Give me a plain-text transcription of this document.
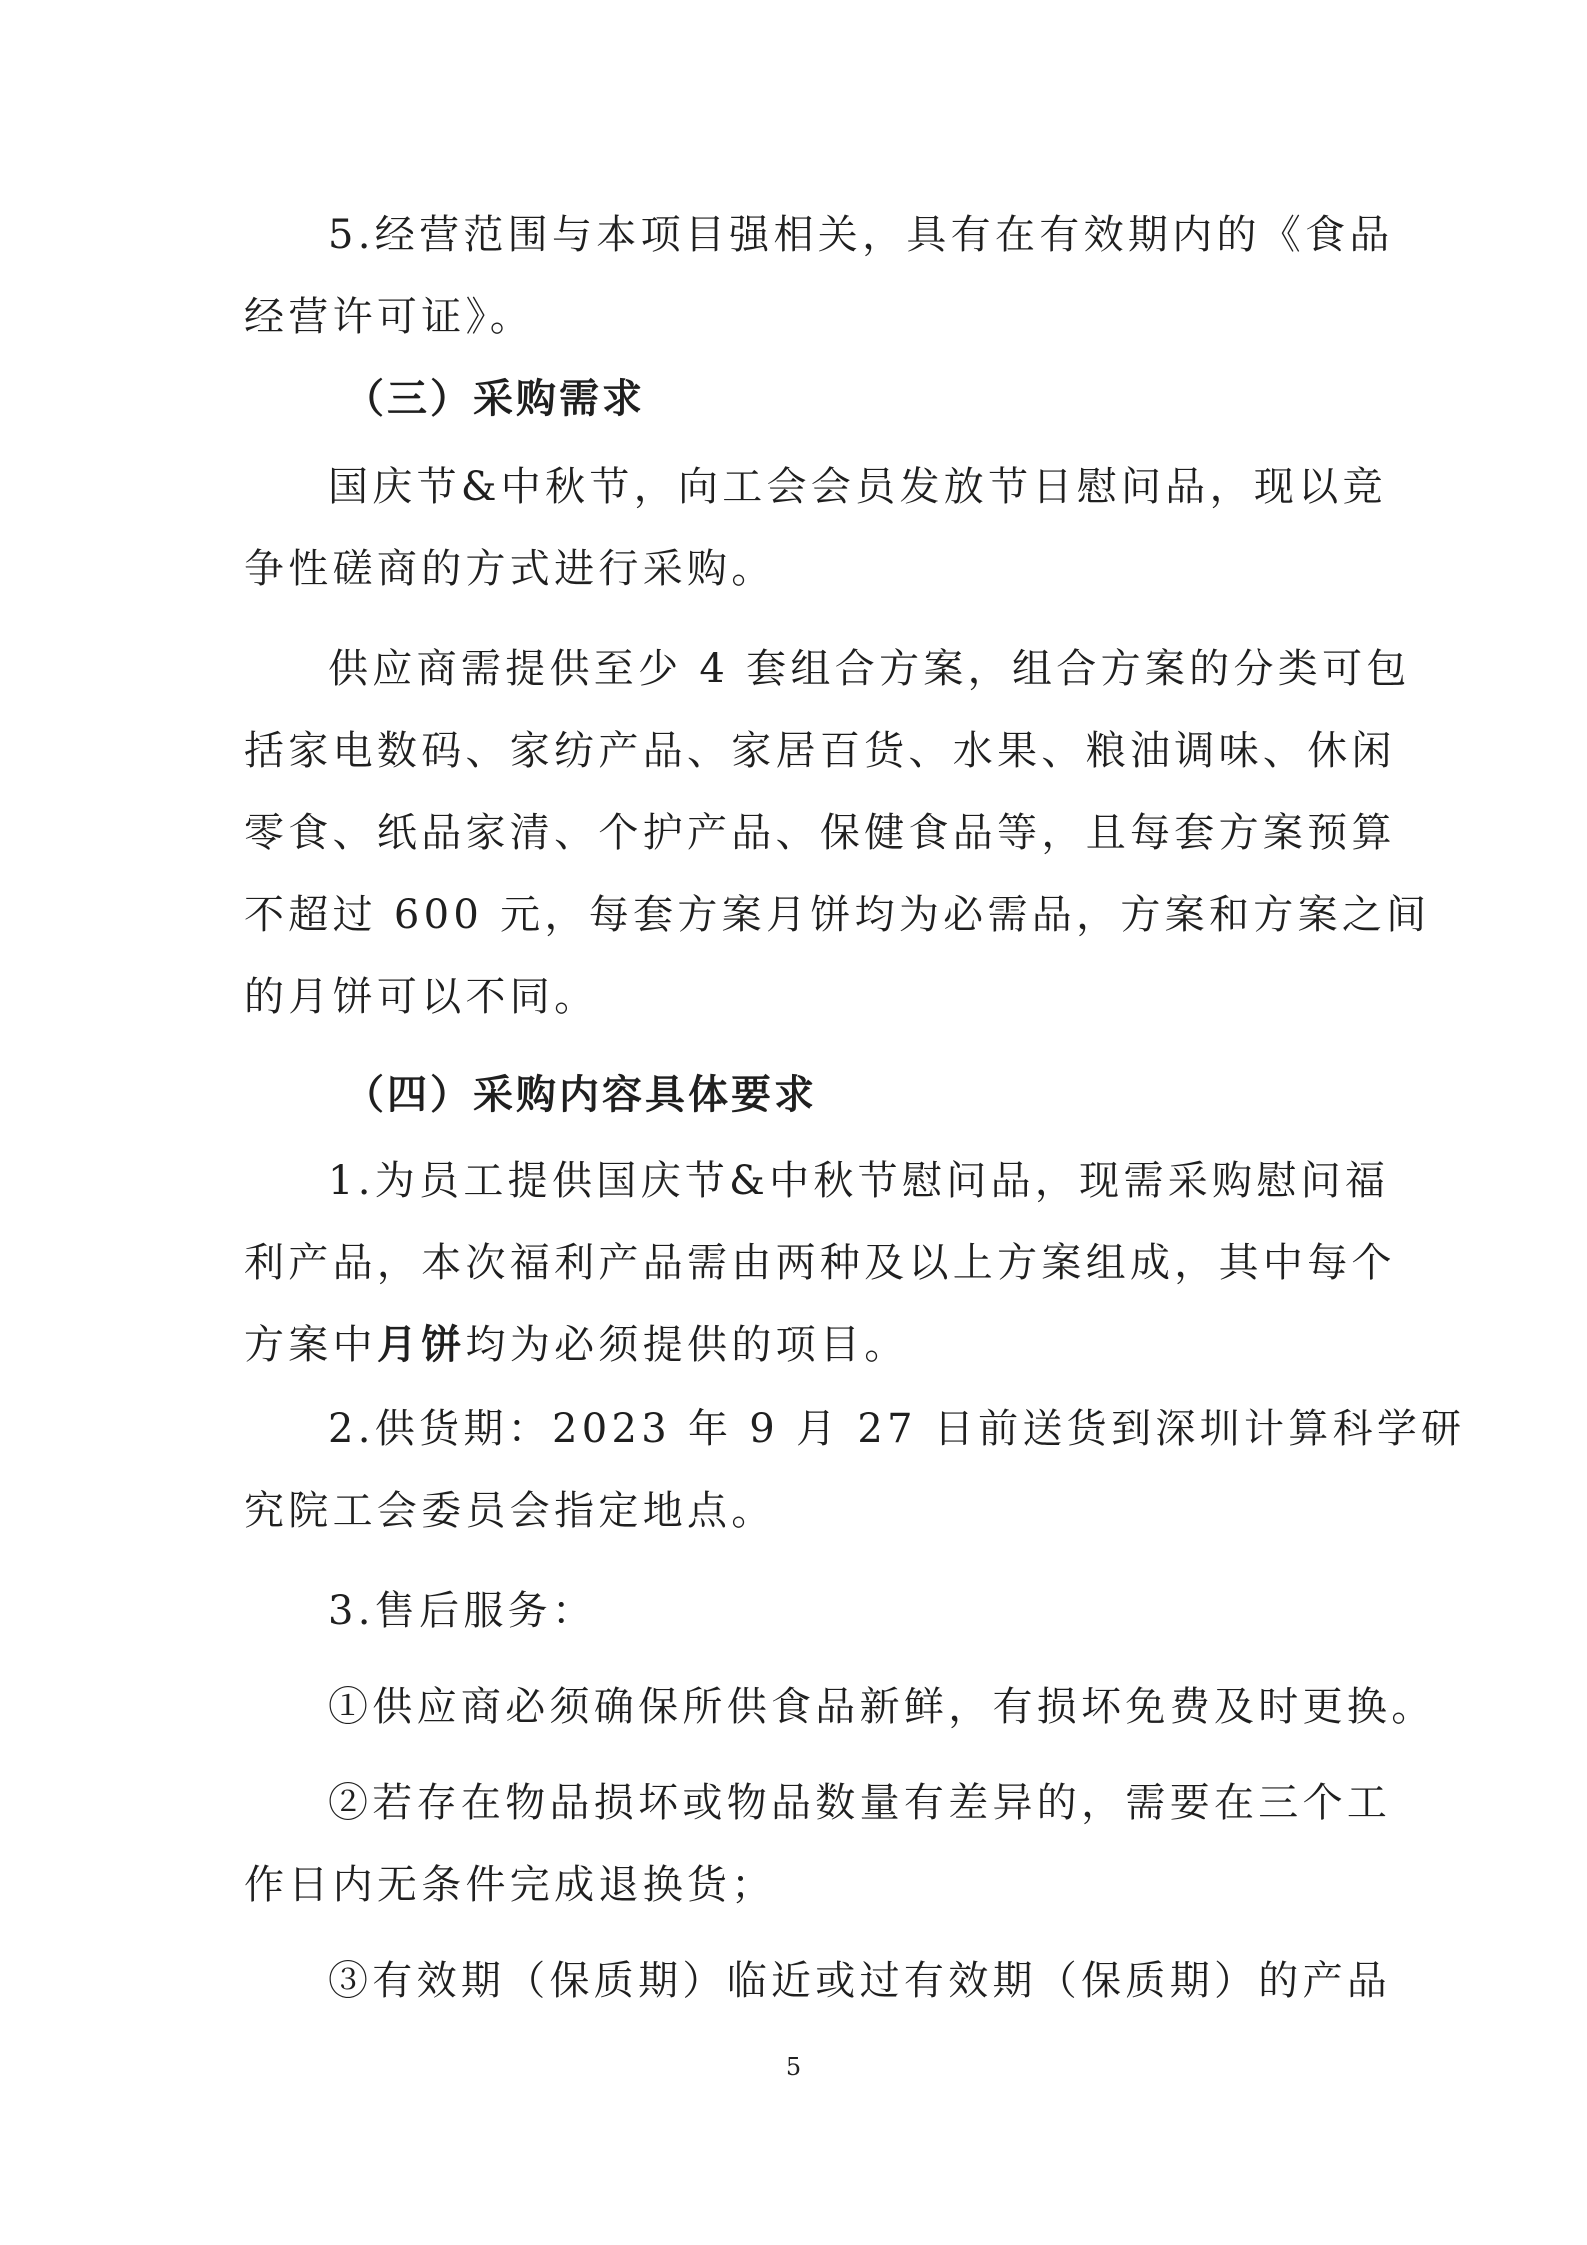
5.经营范围与本项目强相关，具有在有效期内的《食品
经营许可证》。
（三）采购需求
国庆节&中秋节，向工会会员发放节日慰问品，现以竞
争性磋商的方式进行采购。
供应商需提供至少 4 套组合方案，组合方案的分类可包
括家电数码、家纺产品、家居百货、水果、粮油调味、休闲
零食、纸品家清、个护产品、保健食品等，且每套方案预算
不超过 600 元，每套方案月饼均为必需品，方案和方案之间
的月饼可以不同。
（四）采购内容具体要求
1.为员工提供国庆节&中秋节慰问品，现需采购慰问福
利产品，本次福利产品需由两种及以上方案组成，其中每个
方案中月饼均为必须提供的项目。
2.供货期：2023 年 9 月 27 日前送货到深圳计算科学研
究院工会委员会指定地点。
3.售后服务：
①供应商必须确保所供食品新鲜，有损坏免费及时更换。
②若存在物品损坏或物品数量有差异的，需要在三个工
作日内无条件完成退换货；
③有效期（保质期）临近或过有效期（保质期）的产品
5
